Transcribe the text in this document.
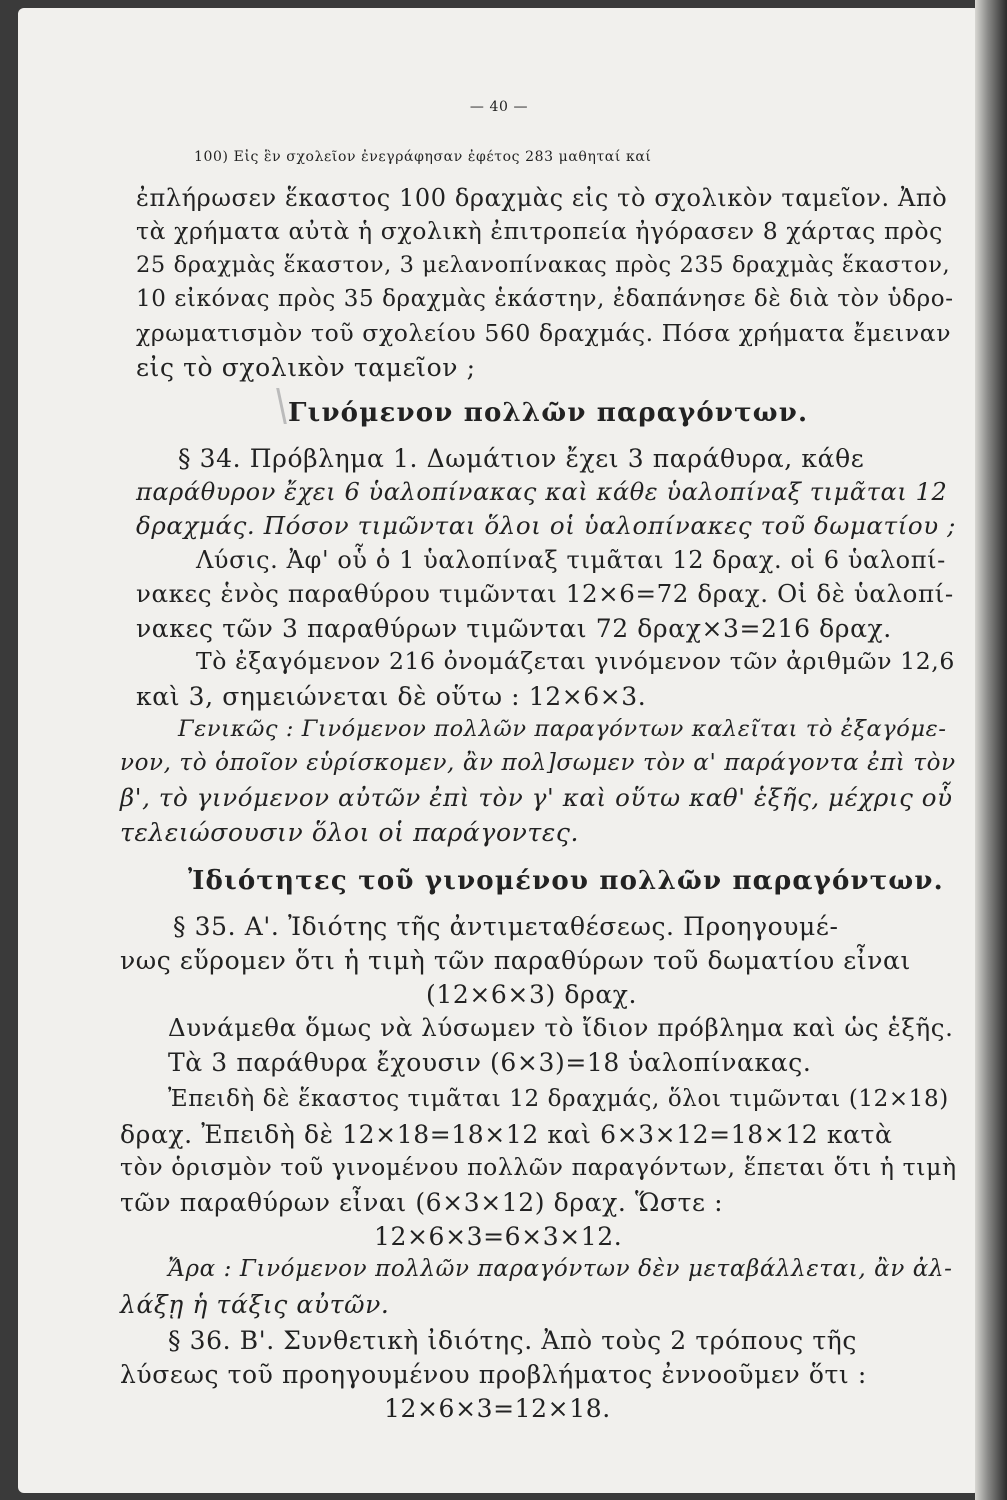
— 40 —
100) Εἰς ἓν σχολεῖον ἐνεγράφησαν ἐφέτος 283 μαθηταί καί
ἐπλήρωσεν ἕκαστος 100 δραχμὰς εἰς τὸ σχολικὸν ταμεῖον. Ἀπὸ
τὰ χρήματα αὐτὰ ἡ σχολικὴ ἐπιτροπεία ἠγόρασεν 8 χάρτας πρὸς
25 δραχμὰς ἕκαστον, 3 μελανοπίνακας πρὸς 235 δραχμὰς ἕκαστον,
10 εἰκόνας πρὸς 35 δραχμὰς ἑκάστην, ἐδαπάνησε δὲ διὰ τὸν ὑδρο-
χρωματισμὸν τοῦ σχολείου 560 δραχμάς. Πόσα χρήματα ἔμειναν
εἰς τὸ σχολικὸν ταμεῖον ;
Γινόμενον πολλῶν παραγόντων.
§ 34. Πρόβλημα 1. Δωμάτιον ἔχει 3 παράθυρα, κάθε
παράθυρον ἔχει 6 ὑαλοπίνακας καὶ κάθε ὑαλοπίναξ τιμᾶται 12
δραχμάς. Πόσον τιμῶνται ὅλοι οἱ ὑαλοπίνακες τοῦ δωματίου ;
Λύσις. Ἀφ' οὗ ὁ 1 ὑαλοπίναξ τιμᾶται 12 δραχ. οἱ 6 ὑαλοπί-
νακες ἑνὸς παραθύρου τιμῶνται 12×6=72 δραχ. Οἱ δὲ ὑαλοπί-
νακες τῶν 3 παραθύρων τιμῶνται 72 δραχ×3=216 δραχ.
Τὸ ἐξαγόμενον 216 ὀνομάζεται γινόμενον τῶν ἀριθμῶν 12,6
καὶ 3, σημειώνεται δὲ οὕτω : 12×6×3.
Γενικῶς : Γινόμενον πολλῶν παραγόντων καλεῖται τὸ ἐξαγόμε-
νον, τὸ ὁποῖον εὑρίσκομεν, ἂν πολ]σωμεν τὸν α' παράγοντα ἐπὶ τὸν
β', τὸ γινόμενον αὐτῶν ἐπὶ τὸν γ' καὶ οὕτω καθ' ἑξῆς, μέχρις οὗ
τελειώσουσιν ὅλοι οἱ παράγοντες.
Ἰδιότητες τοῦ γινομένου πολλῶν παραγόντων.
§ 35. Α'. Ἰδιότης τῆς ἀντιμεταθέσεως. Προηγουμέ-
νως εὕρομεν ὅτι ἡ τιμὴ τῶν παραθύρων τοῦ δωματίου εἶναι
(12×6×3) δραχ.
Δυνάμεθα ὅμως νὰ λύσωμεν τὸ ἴδιον πρόβλημα καὶ ὡς ἑξῆς.
Τὰ 3 παράθυρα ἔχουσιν (6×3)=18 ὑαλοπίνακας.
Ἐπειδὴ δὲ ἕκαστος τιμᾶται 12 δραχμάς, ὅλοι τιμῶνται (12×18)
δραχ. Ἐπειδὴ δὲ 12×18=18×12 καὶ 6×3×12=18×12 κατὰ
τὸν ὁρισμὸν τοῦ γινομένου πολλῶν παραγόντων, ἕπεται ὅτι ἡ τιμὴ
τῶν παραθύρων εἶναι (6×3×12) δραχ. Ὥστε :
12×6×3=6×3×12.
Ἄρα : Γινόμενον πολλῶν παραγόντων δὲν μεταβάλλεται, ἂν ἀλ-
λάξῃ ἡ τάξις αὐτῶν.
§ 36. Β'. Συνθετικὴ ἰδιότης. Ἀπὸ τοὺς 2 τρόπους τῆς
λύσεως τοῦ προηγουμένου προβλήματος ἐννοοῦμεν ὅτι :
12×6×3=12×18.
